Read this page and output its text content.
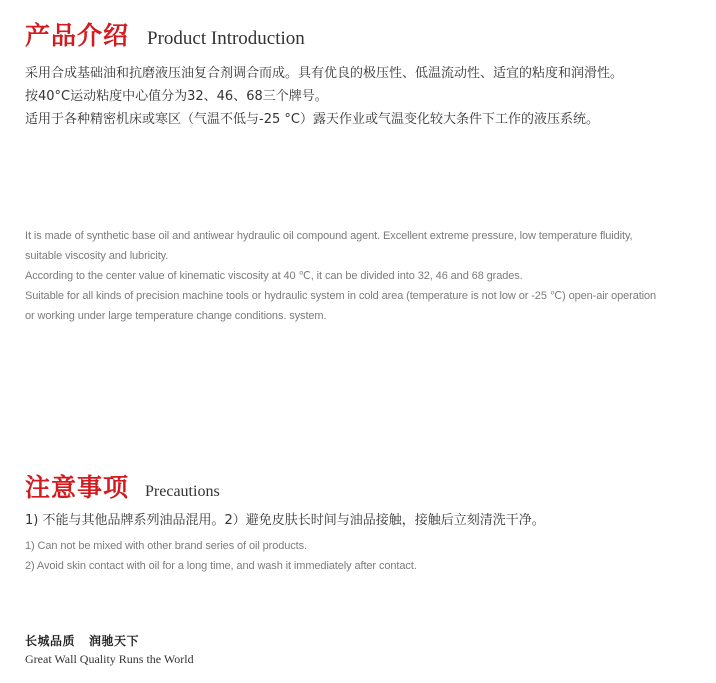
产品介绍 Product Introduction
采用合成基础油和抗磨液压油复合剂调合而成。具有优良的极压性、低温流动性、适宜的粘度和润滑性。
按40°C运动粘度中心值分为32、46、68三个牌号。
适用于各种精密机床或寒区（气温不低与-25 °C）露天作业或气温变化较大条件下工作的液压系统。
It is made of synthetic base oil and antiwear hydraulic oil compound agent. Excellent extreme pressure, low temperature fluidity,
suitable viscosity and lubricity.
According to the center value of kinematic viscosity at 40 ℃, it can be divided into 32, 46 and 68 grades.
Suitable for all kinds of precision machine tools or hydraulic system in cold area (temperature is not low or -25 ℃) open-air operation
or working under large temperature change conditions. system.
注意事项 Precautions
1) 不能与其他品牌系列油品混用。2）避免皮肤长时间与油品接触，接触后立刻清洗干净。
1) Can not be mixed with other brand series of oil products.
2) Avoid skin contact with oil for a long time, and wash it immediately after contact.
长城品质 润驰天下
Great Wall Quality Runs the World
